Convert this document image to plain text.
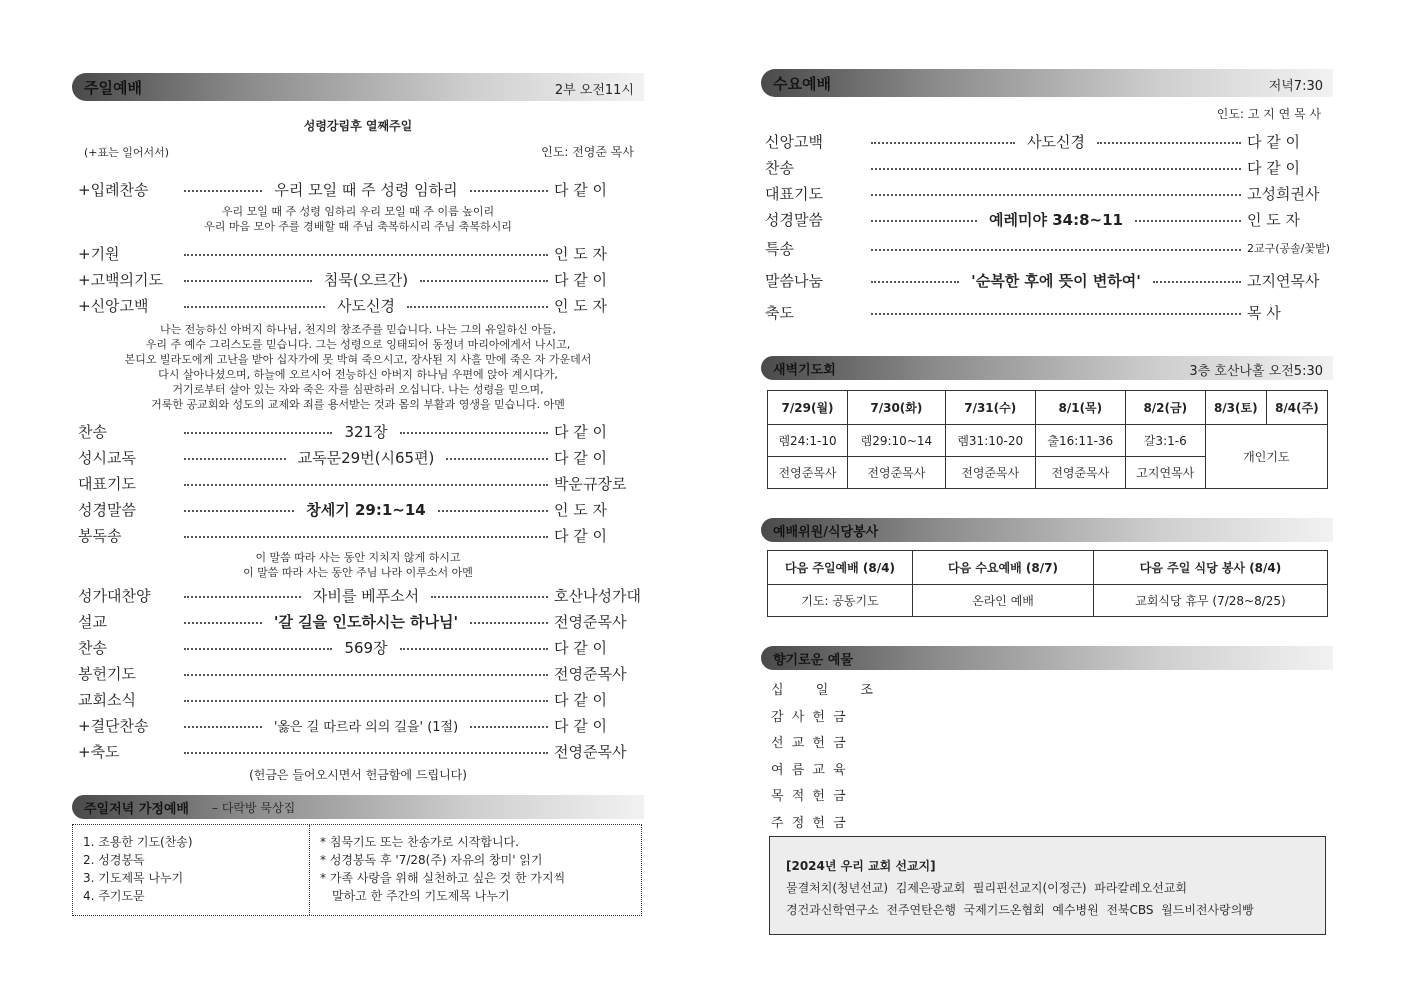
주일예배	2부 오전11시
성령강림후 열째주일
(+표는 일어서서)	인도: 전영준 목사
+입례찬송	우리 모일 때 주 성령 임하리	다 같 이
우리 모일 때 주 성령 임하리 우리 모일 때 주 이름 높이리
우리 마음 모아 주를 경배할 때 주님 축복하시리 주님 축복하시리
+기원	인 도 자
+고백의기도	침묵(오르간)	다 같 이
+신앙고백	사도신경	인 도 자
나는 전능하신 아버지 하나님, 천지의 창조주를 믿습니다. 나는 그의 유일하신 아들,
우리 주 예수 그리스도를 믿습니다. 그는 성령으로 잉태되어 동정녀 마리아에게서 나시고,
본디오 빌라도에게 고난을 받아 십자가에 못 박혀 죽으시고, 장사된 지 사흘 만에 죽은 자 가운데서
다시 살아나셨으며, 하늘에 오르시어 전능하신 아버지 하나님 우편에 앉아 계시다가,
거기로부터 살아 있는 자와 죽은 자를 심판하러 오십니다. 나는 성령을 믿으며,
거룩한 공교회와 성도의 교제와 죄를 용서받는 것과 몸의 부활과 영생을 믿습니다. 아멘
찬송	321장	다 같 이
성시교독	교독문29번(시65편)	다 같 이
대표기도	박운규장로
성경말씀	창세기 29:1~14	인 도 자
봉독송	다 같 이
이 말씀 따라 사는 동안 지치지 않게 하시고
이 말씀 따라 사는 동안 주님 나라 이루소서 아멘
성가대찬양	자비를 베푸소서	호산나성가대
설교	'갈 길을 인도하시는 하나님'	전영준목사
찬송	569장	다 같 이
봉헌기도	전영준목사
교회소식	다 같 이
+결단찬송	'옳은 길 따르라 의의 길을' (1절)	다 같 이
+축도	전영준목사
(헌금은 들어오시면서 헌금함에 드립니다)
주일저녁 가정예배 – 다락방 묵상집
1. 조용한 기도(찬송)
2. 성경봉독
3. 기도제목 나누기
4. 주기도문
* 침묵기도 또는 찬송가로 시작합니다.
* 성경봉독 후 '7/28(주) 자유의 창미' 읽기
* 가족 사랑을 위해 실천하고 싶은 것 한 가지씩
말하고 한 주간의 기도제목 나누기
수요예배	저녁7:30
인도: 고 지 연 목 사
신앙고백	사도신경	다 같 이
찬송	다 같 이
대표기도	고성희권사
성경말씀	예레미야 34:8~11	인 도 자
특송	2교구(공솔/꽃밭)
말씀나눔	'순복한 후에 뜻이 변하여'	고지연목사
축도	목 사
새벽기도회	3층 호산나홀 오전5:30
7/29(월)	7/30(화)	7/31(수)	8/1(목)	8/2(금)	8/3(토)	8/4(주)
렘24:1-10	렘29:10~14	렘31:10-20	출16:11-36	갈3:1-6	개인기도	
전영준목사	전영준목사	전영준목사	전영준목사	고지연목사		
예배위원/식당봉사
다음 주일예배 (8/4)	다음 수요예배 (8/7)	다음 주일 식당 봉사 (8/4)
기도: 공동기도	온라인 예배	교회식당 휴무 (7/28~8/25)
향기로운 예물
십 일 조
감 사 헌 금
선 교 헌 금
여 름 교 육
목 적 헌 금
주 정 헌 금
[2024년 우리 교회 선교지]
물결처치(청년선교)  김제은광교회  필리핀선교지(이정근)  파라칼레오선교회
경건과신학연구소  전주연탄은행  국제기드온협회  예수병원  전북CBS  월드비전사랑의빵
